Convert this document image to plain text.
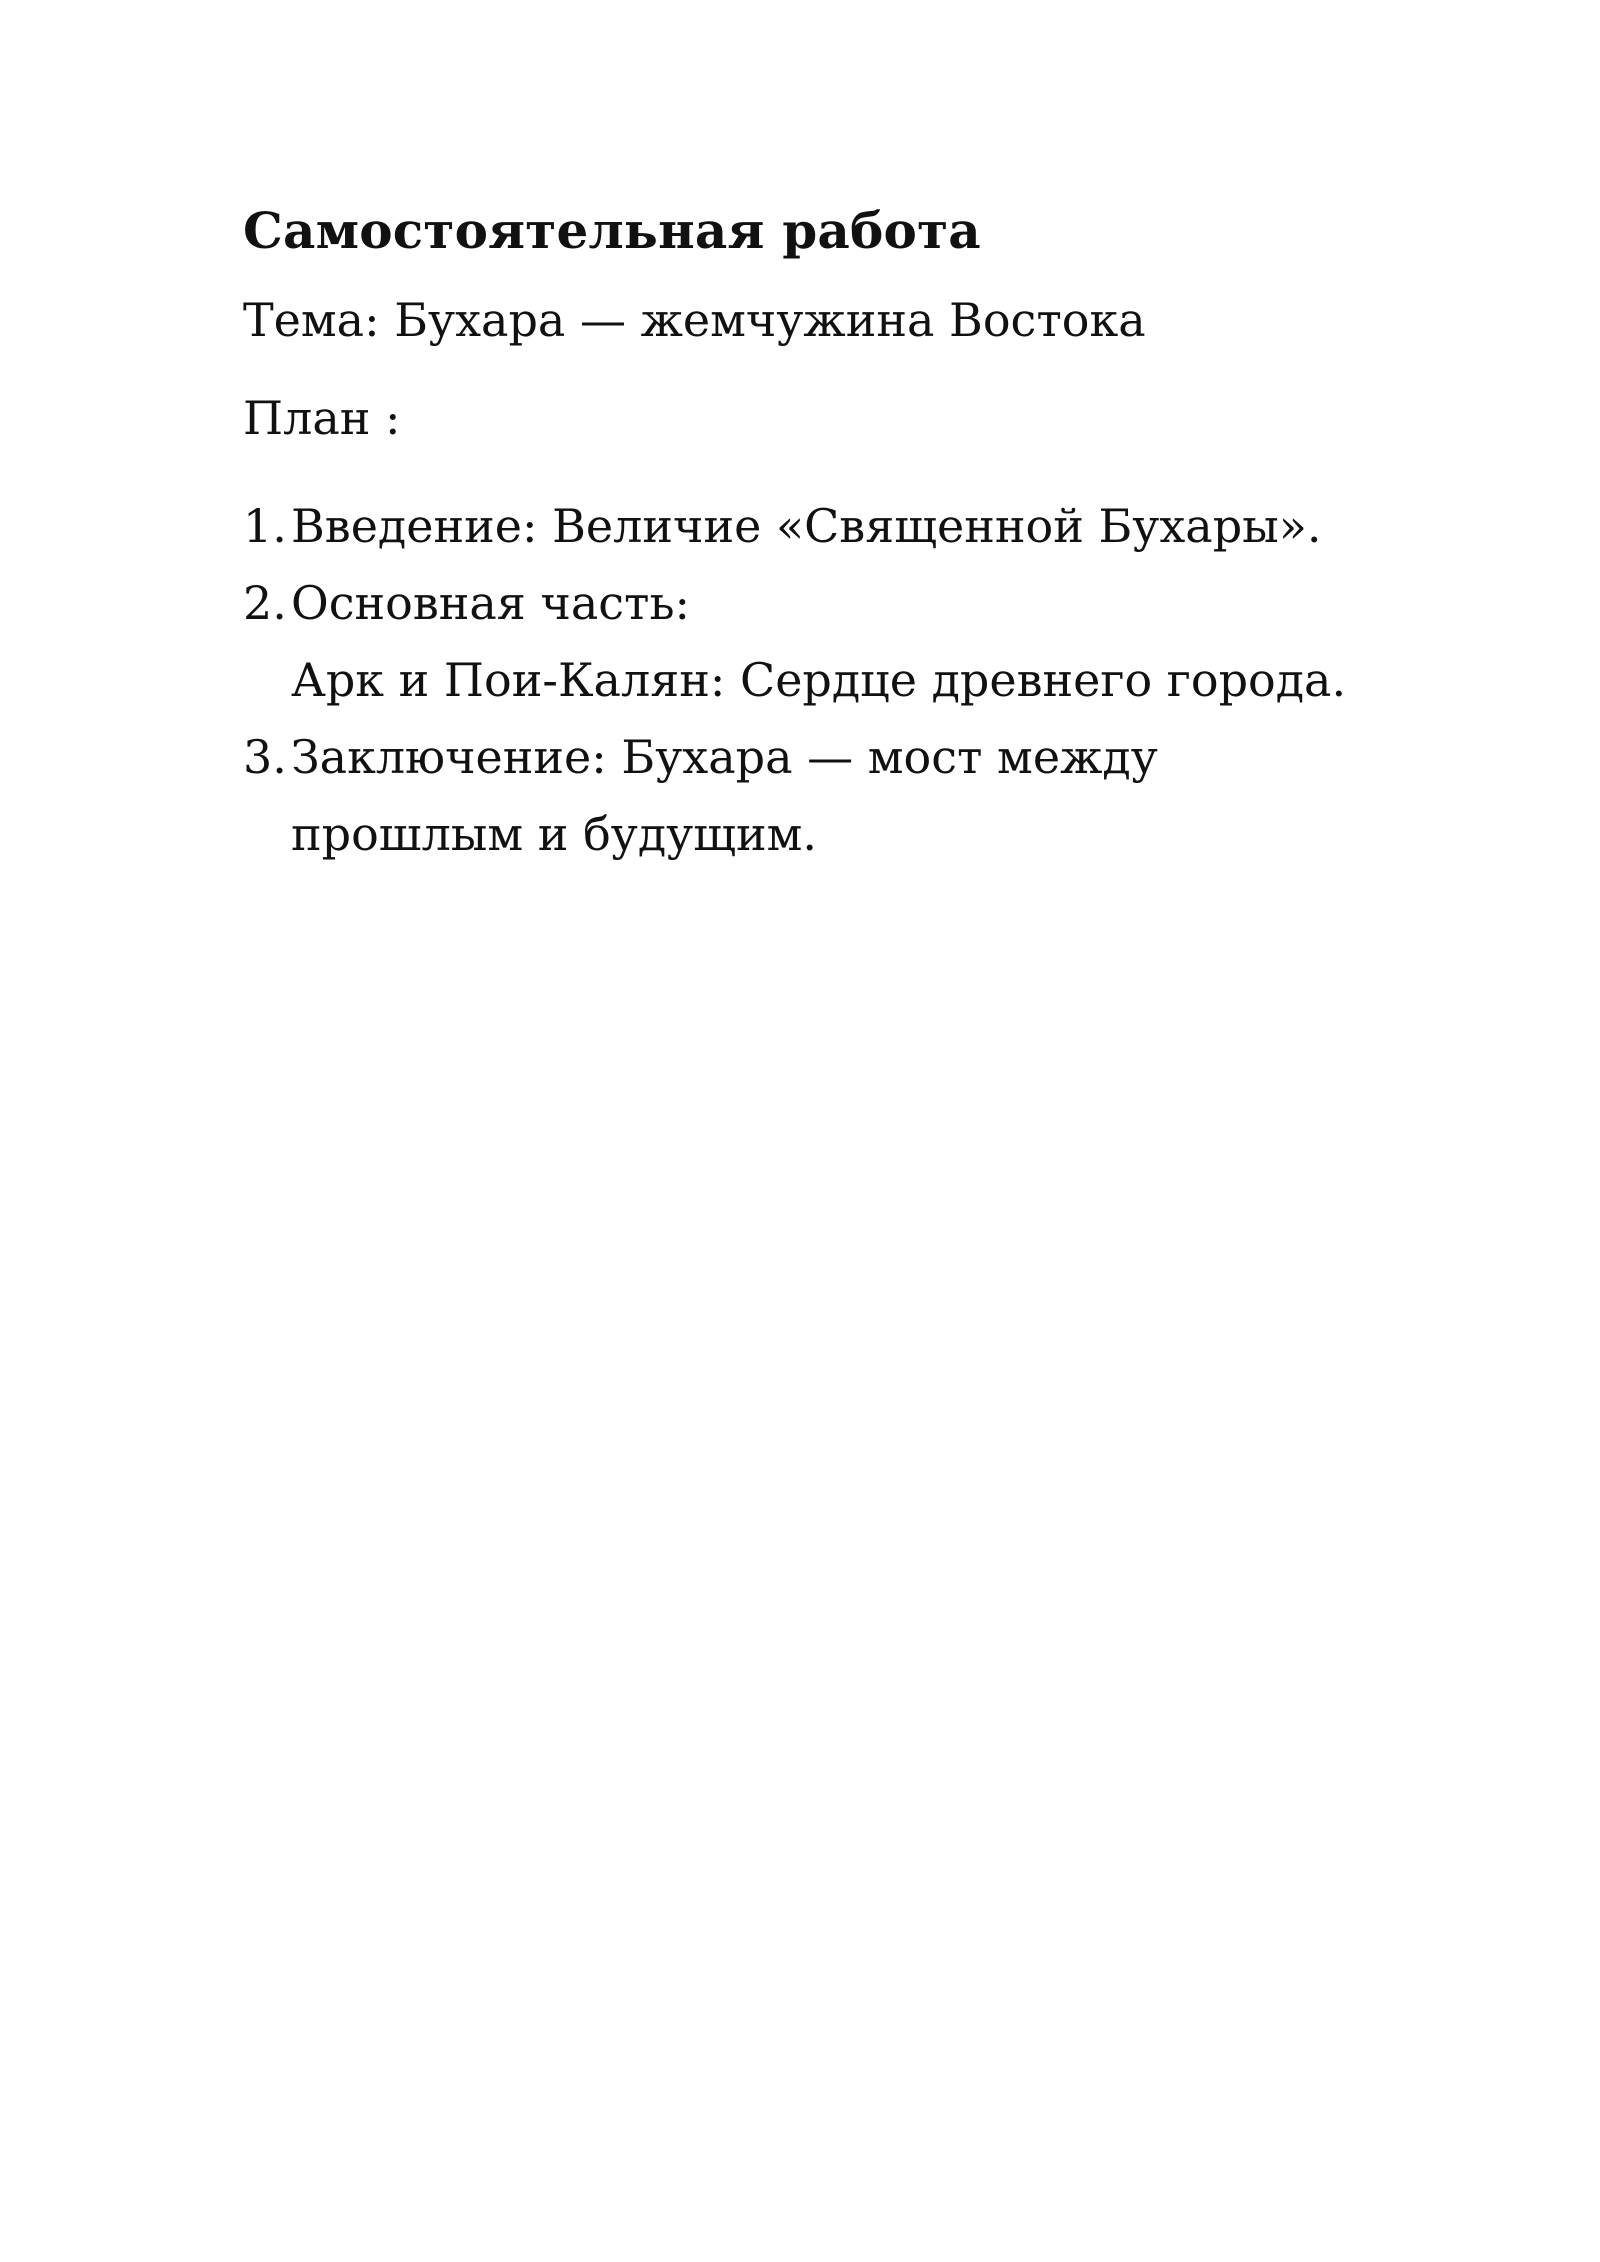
Самостоятельная работа

Тема: Бухара — жемчужина Востока

План :

1. Введение: Величие «Священной Бухары».
2. Основная часть:
Арк и Пои-Калян: Сердце древнего города.
3. Заключение: Бухара — мост между
прошлым и будущим.
